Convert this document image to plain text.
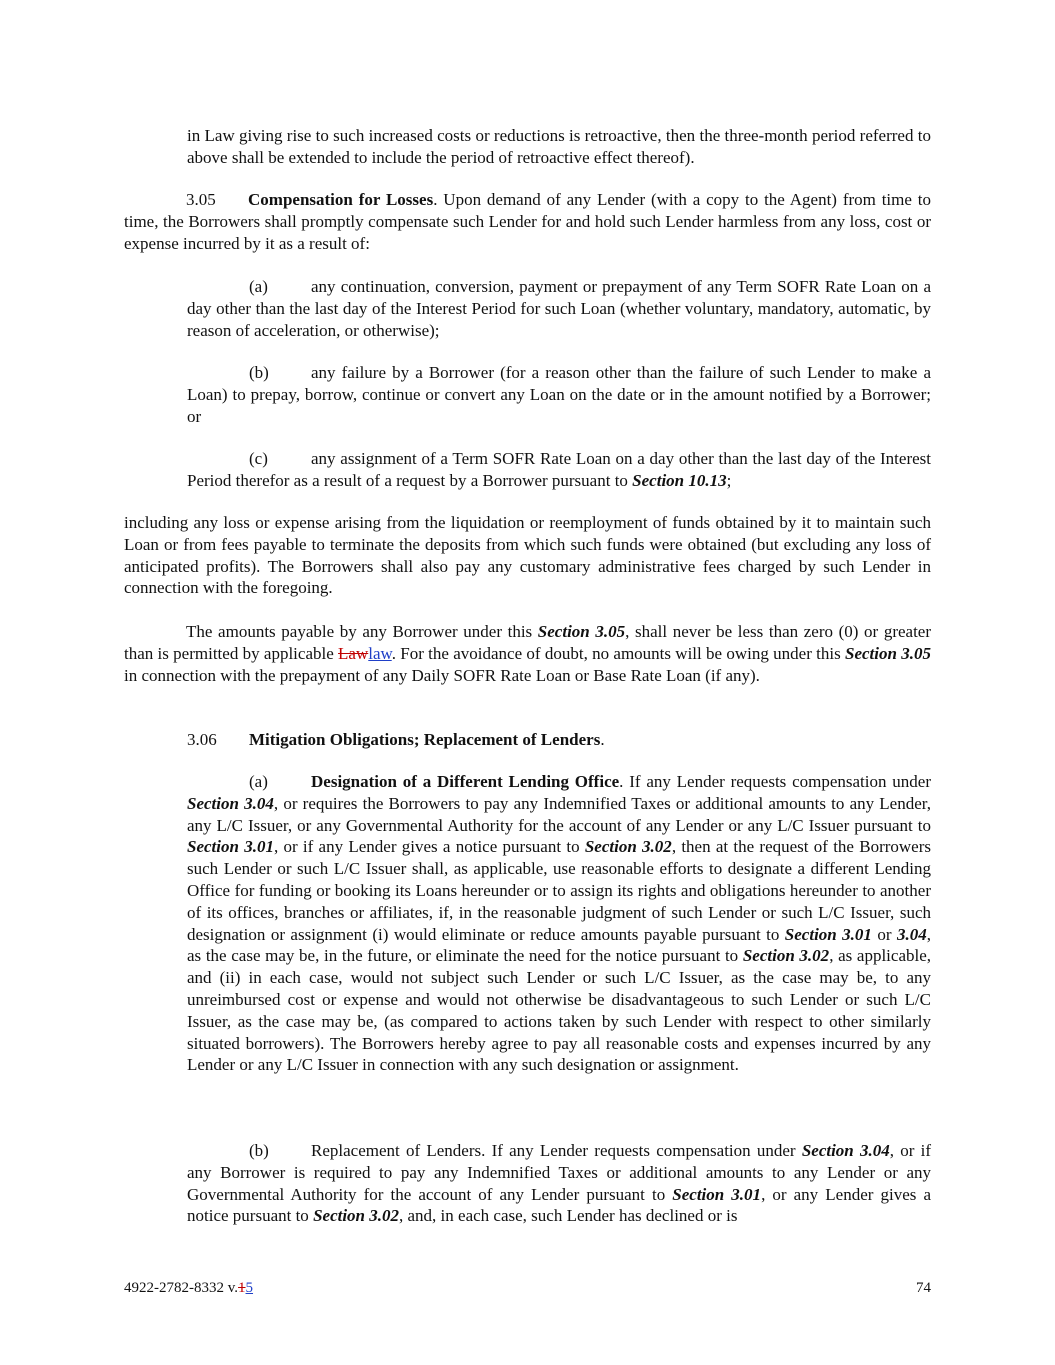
in Law giving rise to such increased costs or reductions is retroactive, then the three-month period referred to above shall be extended to include the period of retroactive effect thereof).

3.05 Compensation for Losses. Upon demand of any Lender (with a copy to the Agent) from time to time, the Borrowers shall promptly compensate such Lender for and hold such Lender harmless from any loss, cost or expense incurred by it as a result of:

(a)	any continuation, conversion, payment or prepayment of any Term SOFR Rate Loan on a day other than the last day of the Interest Period for such Loan (whether voluntary, mandatory, automatic, by reason of acceleration, or otherwise);

(b) any failure by a Borrower (for a reason other than the failure of such Lender to make a Loan) to prepay, borrow, continue or convert any Loan on the date or in the amount notified by a Borrower; or

(c)	any assignment of a Term SOFR Rate Loan on a day other than the last day of the Interest Period therefor as a result of a request by a Borrower pursuant to Section 10.13;

including any loss or expense arising from the liquidation or reemployment of funds obtained by it to maintain such Loan or from fees payable to terminate the deposits from which such funds were obtained (but excluding any loss of anticipated profits). The Borrowers shall also pay any customary administrative fees charged by such Lender in connection with the foregoing.

The amounts payable by any Borrower under this Section 3.05, shall never be less than zero (0) or greater than is permitted by applicable Lawlaw. For the avoidance of doubt, no amounts will be owing under this Section 3.05 in connection with the prepayment of any Daily SOFR Rate Loan or Base Rate Loan (if any).

3.06 Mitigation Obligations; Replacement of Lenders.

(a)	Designation of a Different Lending Office. If any Lender requests compensation under Section 3.04, or requires the Borrowers to pay any Indemnified Taxes or additional amounts to any Lender, any L/C Issuer, or any Governmental Authority for the account of any Lender or any L/C Issuer pursuant to Section 3.01, or if any Lender gives a notice pursuant to Section 3.02, then at the request of the Borrowers such Lender or such L/C Issuer shall, as applicable, use reasonable efforts to designate a different Lending Office for funding or booking its Loans hereunder or to assign its rights and obligations hereunder to another of its offices, branches or affiliates, if, in the reasonable judgment of such Lender or such L/C Issuer, such designation or assignment (i) would eliminate or reduce amounts payable pursuant to Section 3.01 or 3.04, as the case may be, in the future, or eliminate the need for the notice pursuant to Section 3.02, as applicable, and (ii) in each case, would not subject such Lender or such L/C Issuer, as the case may be, to any unreimbursed cost or expense and would not otherwise be disadvantageous to such Lender or such L/C Issuer, as the case may be, (as compared to actions taken by such Lender with respect to other similarly situated borrowers). The Borrowers hereby agree to pay all reasonable costs and expenses incurred by any Lender or any L/C Issuer in connection with any such designation or assignment.

(b) Replacement of Lenders. If any Lender requests compensation under Section 3.04, or if any Borrower is required to pay any Indemnified Taxes or additional amounts to any Lender or any Governmental Authority for the account of any Lender pursuant to Section 3.01, or any Lender gives a notice pursuant to Section 3.02, and, in each case, such Lender has declined or is

4922-2782-8332 v.15	74
